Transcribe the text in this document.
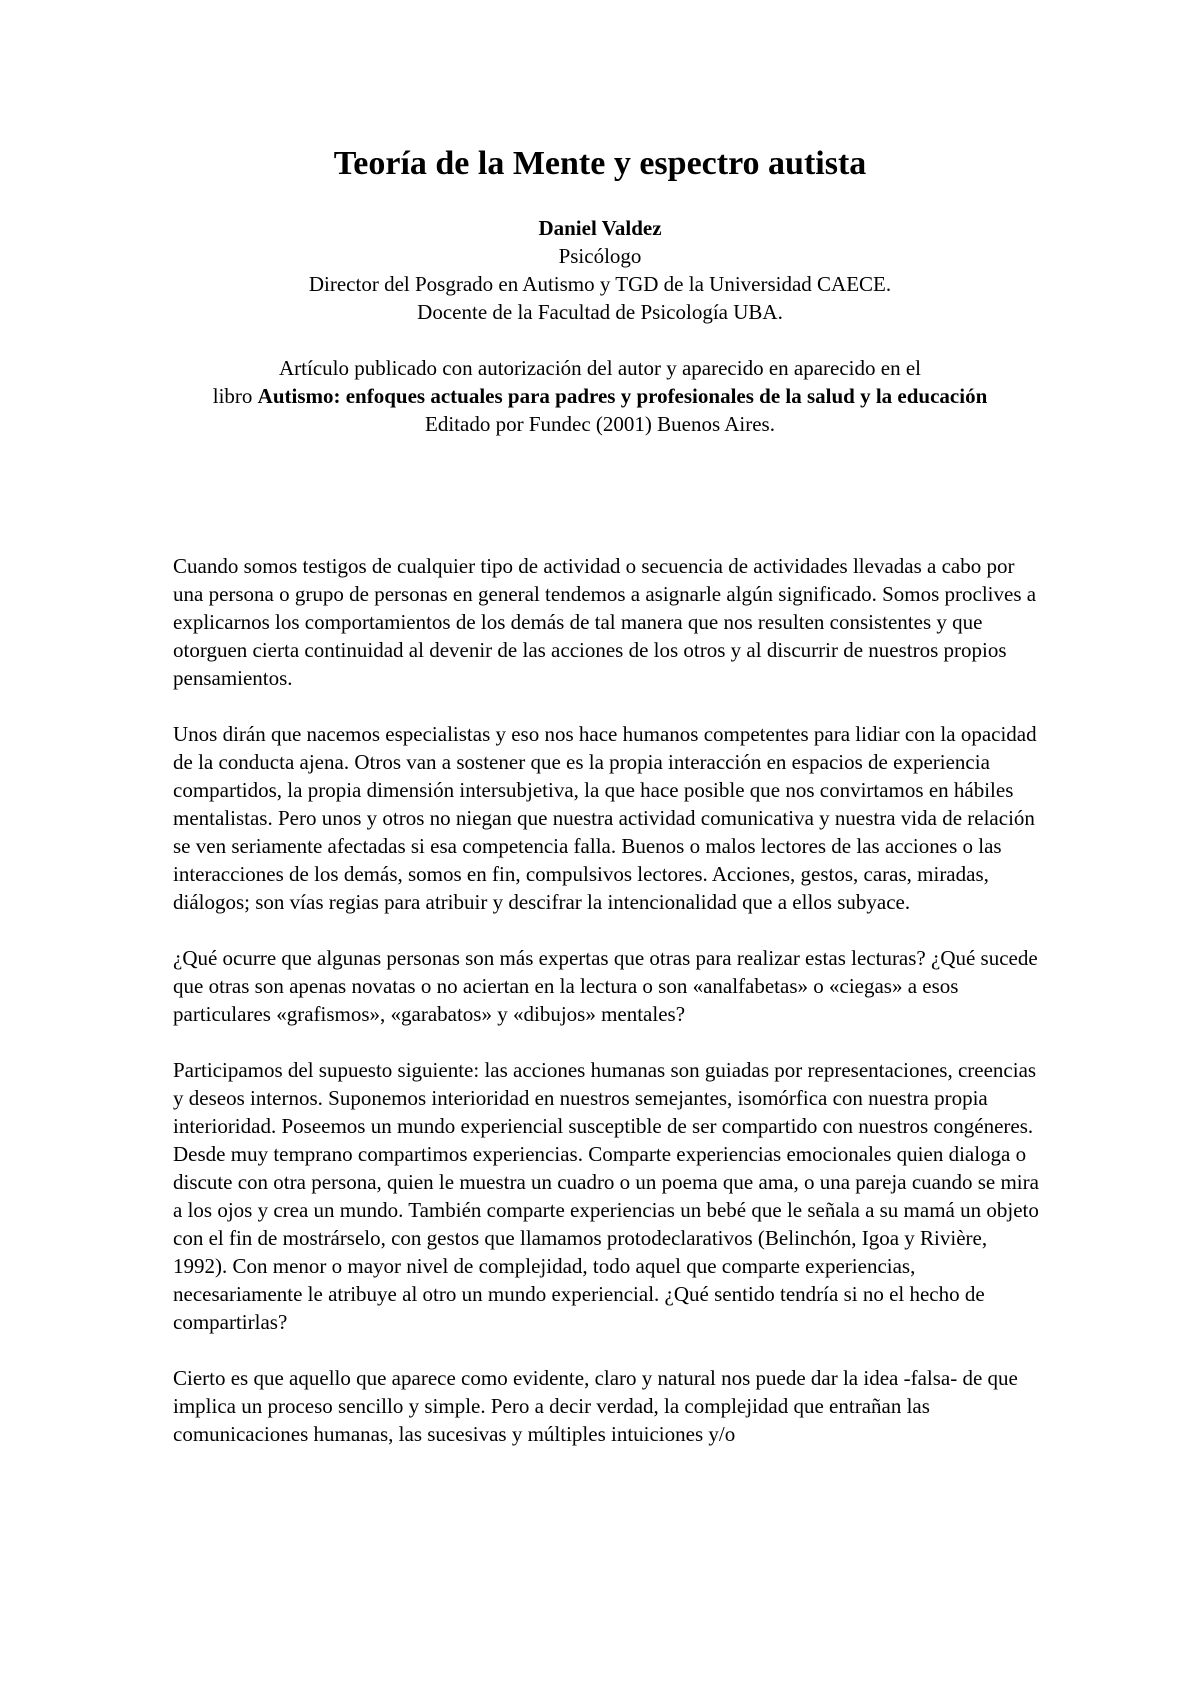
Teoría de la Mente y espectro autista
Daniel Valdez
Psicólogo
Director del Posgrado en Autismo y TGD de la Universidad CAECE.
Docente de la Facultad de Psicología UBA.
Artículo publicado con autorización del autor y aparecido en aparecido en el
libro Autismo: enfoques actuales para padres y profesionales de la salud y la educación
Editado por Fundec (2001) Buenos Aires.

Cuando somos testigos de cualquier tipo de actividad o secuencia de actividades llevadas a cabo por una persona o grupo de personas en general tendemos a asignarle algún significado. Somos proclives a explicarnos los comportamientos de los demás de tal manera que nos resulten consistentes y que otorguen cierta continuidad al devenir de las acciones de los otros y al discurrir de nuestros propios pensamientos.

Unos dirán que nacemos especialistas y eso nos hace humanos competentes para lidiar con la opacidad de la conducta ajena. Otros van a sostener que es la propia interacción en espacios de experiencia compartidos, la propia dimensión intersubjetiva, la que hace posible que nos convirtamos en hábiles mentalistas. Pero unos y otros no niegan que nuestra actividad comunicativa y nuestra vida de relación se ven seriamente afectadas si esa competencia falla. Buenos o malos lectores de las acciones o las interacciones de los demás, somos en fin, compulsivos lectores. Acciones, gestos, caras, miradas, diálogos; son vías regias para atribuir y descifrar la intencionalidad que a ellos subyace.

¿Qué ocurre que algunas personas son más expertas que otras para realizar estas lecturas? ¿Qué sucede que otras son apenas novatas o no aciertan en la lectura o son «analfabetas» o «ciegas» a esos particulares «grafismos», «garabatos» y «dibujos» mentales?

Participamos del supuesto siguiente: las acciones humanas son guiadas por representaciones, creencias y deseos internos. Suponemos interioridad en nuestros semejantes, isomórfica con nuestra propia interioridad. Poseemos un mundo experiencial susceptible de ser compartido con nuestros congéneres. Desde muy temprano compartimos experiencias. Comparte experiencias emocionales quien dialoga o discute con otra persona, quien le muestra un cuadro o un poema que ama, o una pareja cuando se mira a los ojos y crea un mundo. También comparte experiencias un bebé que le señala a su mamá un objeto con el fin de mostrárselo, con gestos que llamamos protodeclarativos (Belinchón, Igoa y Rivière, 1992). Con menor o mayor nivel de complejidad, todo aquel que comparte experiencias, necesariamente le atribuye al otro un mundo experiencial. ¿Qué sentido tendría si no el hecho de compartirlas?

Cierto es que aquello que aparece como evidente, claro y natural nos puede dar la idea -falsa- de que implica un proceso sencillo y simple. Pero a decir verdad, la complejidad que entrañan las comunicaciones humanas, las sucesivas y múltiples intuiciones y/o
